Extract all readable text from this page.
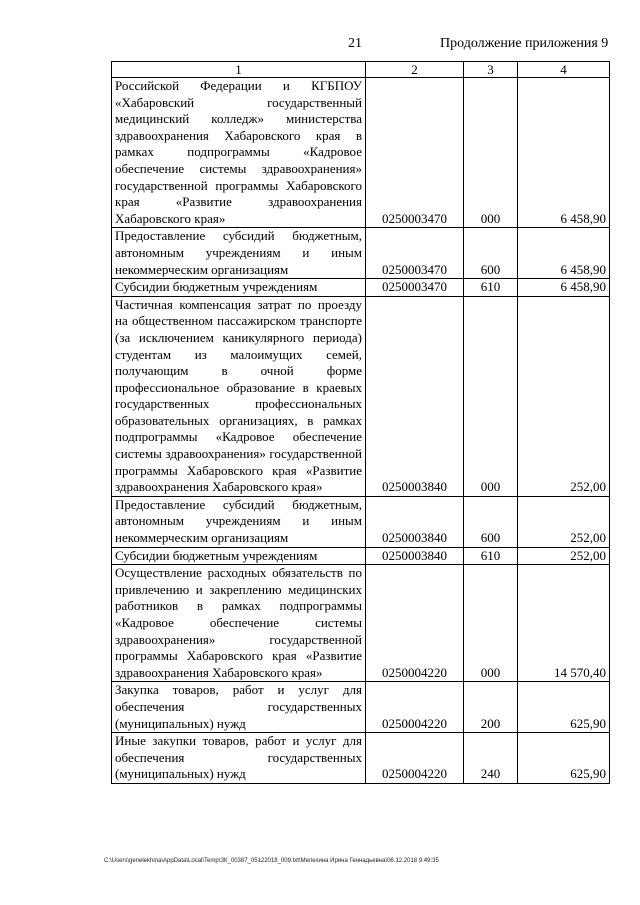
21	Продолжение приложения 9
1	2	3	4

Российской Федерации и КГБПОУ «Хабаровский государственный медицинский колледж» министерства здравоохранения Хабаровского края в рамках подпрограммы «Кадровое обеспечение системы здравоохранения» государственной программы Хабаровского края «Развитие здравоохранения Хабаровского края»	0250003470	000	6 458,90

Предоставление субсидий бюджетным, автономным учреждениям и иным некоммерческим организациям	0250003470	600	6 458,90

Субсидии бюджетным учреждениям	0250003470	610	6 458,90

Частичная компенсация затрат по проезду на общественном пассажирском транспорте (за исключением каникулярного периода) студентам из малоимущих семей, получающим в очной форме профессиональное образование в краевых государственных профессиональных образовательных организациях, в рамках подпрограммы «Кадровое обеспечение системы здравоохранения» государственной программы Хабаровского края «Развитие здравоохранения Хабаровского края»	0250003840	000	252,00

Предоставление субсидий бюджетным, автономным учреждениям и иным некоммерческим организациям	0250003840	600	252,00

Субсидии бюджетным учреждениям	0250003840	610	252,00

Осуществление расходных обязательств по привлечению и закреплению медицинских работников в рамках подпрограммы «Кадровое обеспечение системы здравоохранения» государственной программы Хабаровского края «Развитие здравоохранения Хабаровского края»	0250004220	000	14 570,40

Закупка товаров, работ и услуг для обеспечения государственных (муниципальных) нужд	0250004220	200	625,90

Иные закупки товаров, работ и услуг для обеспечения государственных (муниципальных) нужд	0250004220	240	625,90
C:\Users\genelekhina\AppData\Local\Temp\ЗК_00387_05122018_009.txt\Мелехина Ирина Геннадьевна\06.12.2018 9:49:35
